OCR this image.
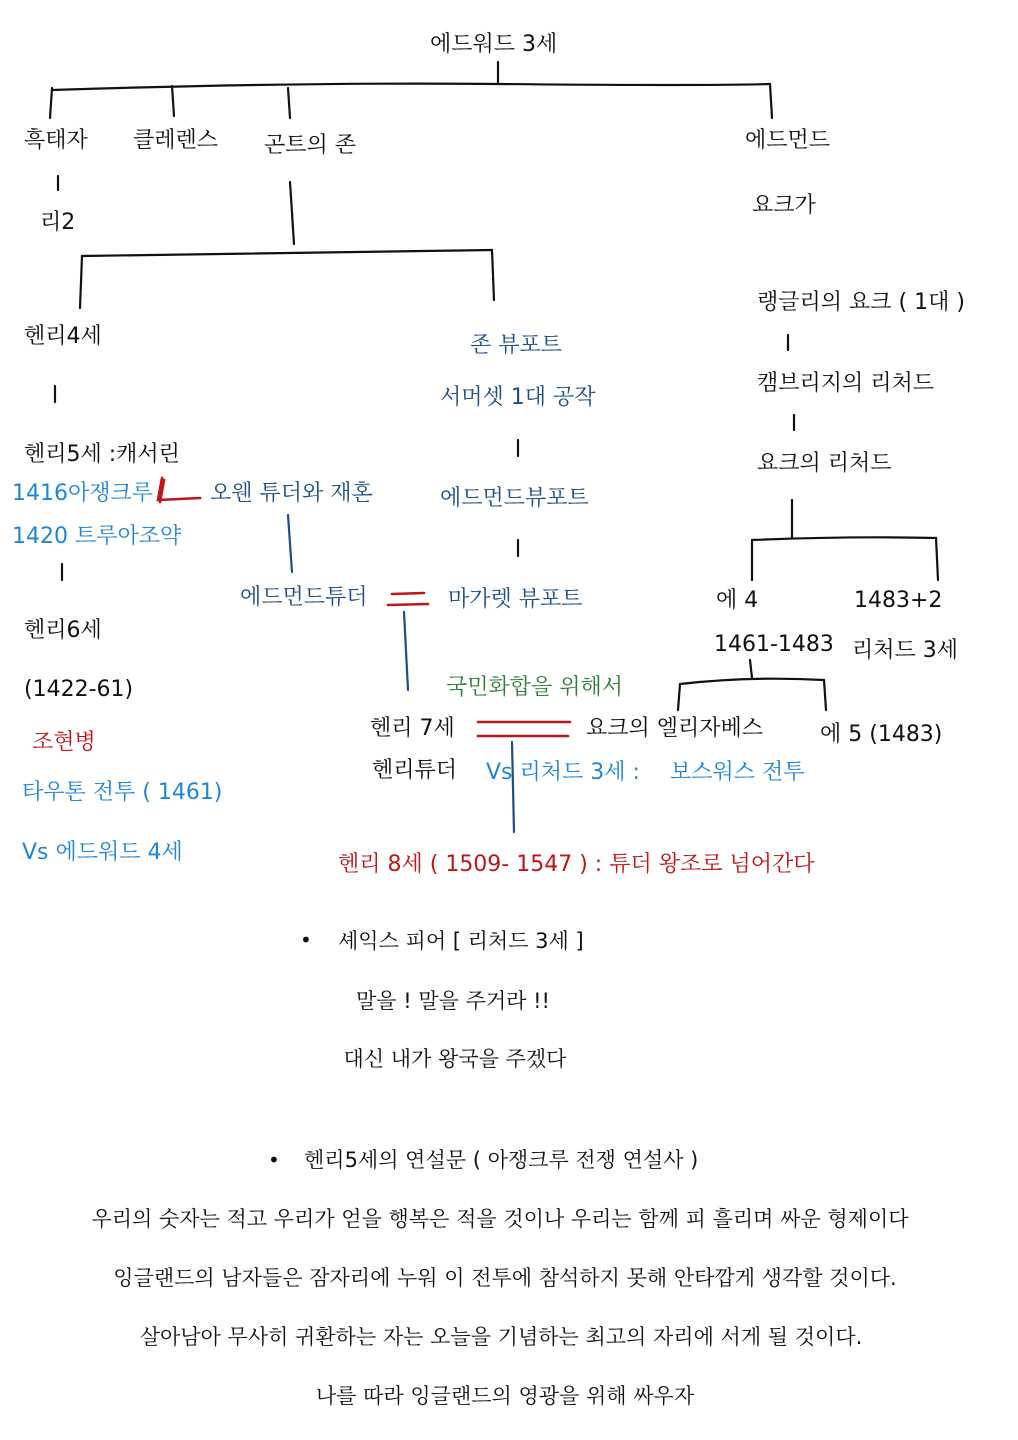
에드워드 3세
흑태자
리2
클레렌스 곤트의 존	에드먼드
요크가
헨리4세
헨리5세 :캐서린
1416아쟁크루	오웬 튜더와 재혼
1420 트루아조약
헨리6세
(1422-61)
조현병
타우톤 전투 ( 1461)
Vs 에드워드 4세
존 뷰포트
서머셋 1대 공작
에드먼드뷰포트
마가렛 뷰포트
에드먼드튜더
랭글리의 요크 ( 1대 )
캠브리지의 리처드
요크의 리처드
에 4
1461-1483
1483+2
리처드 3세
요크의 엘리자베스	에 5 (1483)
국민화합을 위해서
헨리 7세
헨리튜더 Vs 리처드 3세 : 보스워스 전투
헨리 8세 ( 1509- 1547 ) : 튜더 왕조로 넘어간다
• 셰익스 피어 [ 리처드 3세 ]
말을 ! 말을 주거라 !!
대신 내가 왕국을 주겠다
• 헨리5세의 연설문 ( 아쟁크루 전쟁 연설사 )
우리의 숫자는 적고 우리가 얻을 행복은 적을 것이나 우리는 함께 피 흘리며 싸운 형제이다
잉글랜드의 남자들은 잠자리에 누워 이 전투에 참석하지 못해 안타깝게 생각할 것이다.
살아남아 무사히 귀환하는 자는 오늘을 기념하는 최고의 자리에 서게 될 것이다.
나를 따라 잉글랜드의 영광을 위해 싸우자
